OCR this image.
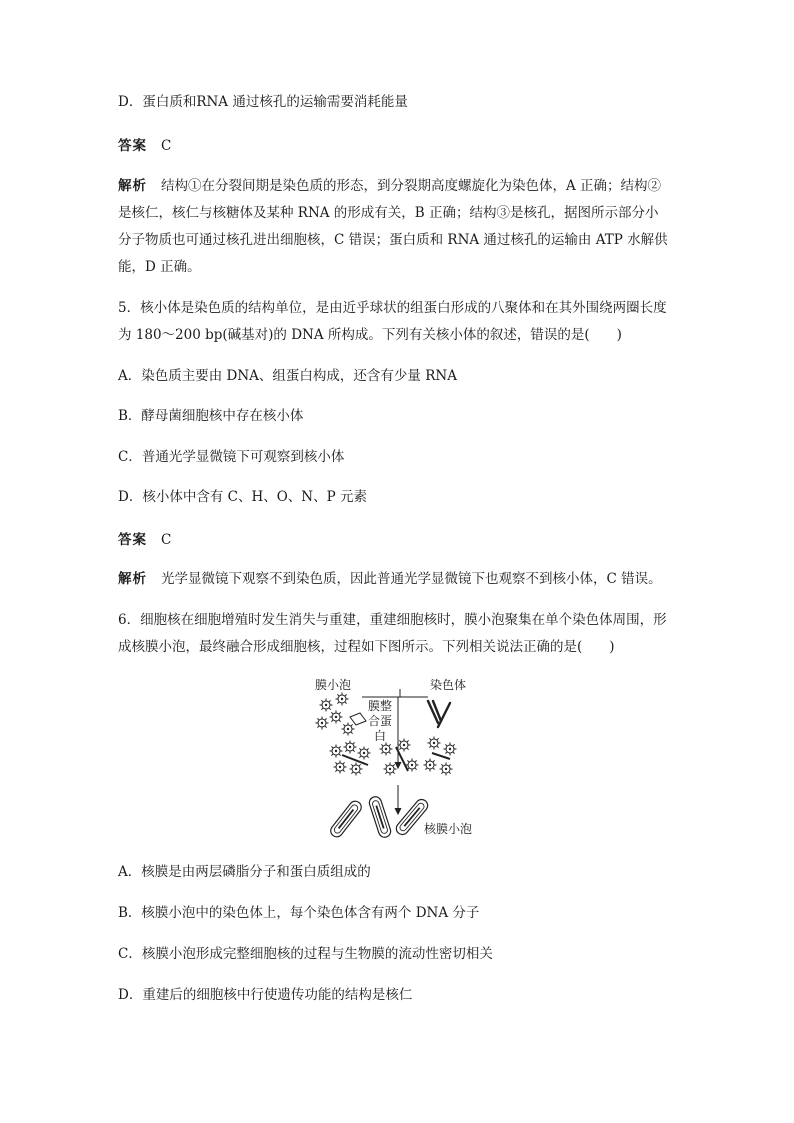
D．蛋白质和RNA 通过核孔的运输需要消耗能量
答案 C
解析 结构①在分裂间期是染色质的形态，到分裂期高度螺旋化为染色体，A 正确；结构②
是核仁，核仁与核糖体及某种 RNA 的形成有关，B 正确；结构③是核孔，据图所示部分小
分子物质也可通过核孔进出细胞核，C 错误；蛋白质和 RNA 通过核孔的运输由 ATP 水解供
能，D 正确。
5．核小体是染色质的结构单位，是由近乎球状的组蛋白形成的八聚体和在其外围绕两圈长度
为 180～200 bp(碱基对)的 DNA 所构成。下列有关核小体的叙述，错误的是(　　)
A．染色质主要由 DNA、组蛋白构成，还含有少量 RNA
B．酵母菌细胞核中存在核小体
C．普通光学显微镜下可观察到核小体
D．核小体中含有 C、H、O、N、P 元素
答案 C
解析 光学显微镜下观察不到染色质，因此普通光学显微镜下也观察不到核小体，C 错误。
6．细胞核在细胞增殖时发生消失与重建，重建细胞核时，膜小泡聚集在单个染色体周围，形
成核膜小泡，最终融合形成细胞核，过程如下图所示。下列相关说法正确的是(　　)
膜小泡	染色体
膜整
合蛋
白
核膜小泡
A．核膜是由两层磷脂分子和蛋白质组成的
B．核膜小泡中的染色体上，每个染色体含有两个 DNA 分子
C．核膜小泡形成完整细胞核的过程与生物膜的流动性密切相关
D．重建后的细胞核中行使遗传功能的结构是核仁
